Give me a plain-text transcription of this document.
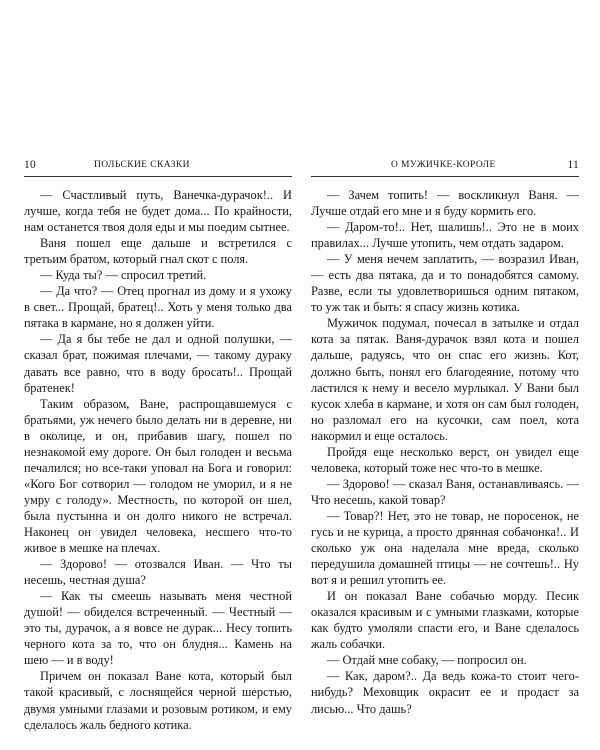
10	ПОЛЬСКИЕ СКАЗКИ

— Счастливый путь, Ванечка-дурачок!.. И лучше, когда тебя не будет дома... По крайности, нам останется твоя доля еды и мы поедим сытнее.

Ваня пошел еще дальше и встретился с третьим братом, который гнал скот с поля.

— Куда ты? — спросил третий.

— Да что? — Отец прогнал из дому и я ухожу в свет... Прощай, братец!.. Хоть у меня только два пятака в кармане, но я должен уйти.

— Да я бы тебе не дал и одной полушки, — сказал брат, пожимая плечами, — такому дураку давать все равно, что в воду бросать!.. Прощай братенек!

Таким образом, Ване, распрощавшемуся с братьями, уж нечего было делать ни в деревне, ни в околице, и он, прибавив шагу, пошел по незнакомой ему дороге. Он был голоден и весьма печалился; но все-таки уповал на Бога и говорил: «Кого Бог сотворил — голодом не уморил, и я не умру с голоду». Местность, по которой он шел, была пустынна и он долго никого не встречал. Наконец он увидел человека, несшего что-то живое в мешке на плечах.

— Здорово! — отозвался Иван. — Что ты несешь, честная душа?

— Как ты смеешь называть меня честной душой! — обиделся встреченный. — Честный — это ты, дурачок, а я вовсе не дурак... Несу топить черного кота за то, что он блудня... Камень на шею — и в воду!

Причем он показал Ване кота, который был такой красивый, с лоснящейся черной шерстью, двумя умными глазами и розовым ротиком, и ему сделалось жаль бедного котика.

О МУЖИЧКЕ-КОРОЛЕ	11

— Зачем топить! — воскликнул Ваня. — Лучше отдай его мне и я буду кормить его.

— Даром-то!.. Нет, шалишь!.. Это не в моих правилах... Лучше утопить, чем отдать задаром.

— У меня нечем заплатить, — возразил Иван, — есть два пятака, да и то понадобятся самому. Разве, если ты удовлетворишься одним пятаком, то уж так и быть: я спасу жизнь котика.

Мужичок подумал, почесал в затылке и отдал кота за пятак. Ваня-дурачок взял кота и пошел дальше, радуясь, что он спас его жизнь. Кот, должно быть, понял его благодеяние, потому что ластился к нему и весело мурлыкал. У Вани был кусок хлеба в кармане, и хотя он сам был голоден, но разломал его на кусочки, сам поел, кота накормил и еще осталось.

Пройдя еще несколько верст, он увидел еще человека, который тоже нес что-то в мешке.

— Здорово! — сказал Ваня, останавливаясь. — Что несешь, какой товар?

— Товар?! Нет, это не товар, не поросенок, не гусь и не курица, а просто дрянная собачонка!.. И сколько уж она наделала мне вреда, сколько передушила домашней птицы — не сочтешь!.. Ну вот я и решил утопить ее.

И он показал Ване собачью морду. Песик оказался красивым и с умными глазками, которые как будто умоляли спасти его, и Ване сделалось жаль собачки.

— Отдай мне собаку, — попросил он.

— Как, даром?.. Да ведь кожа-то стоит чего-нибудь? Меховщик окрасит ее и продаст за лисью... Что дашь?
